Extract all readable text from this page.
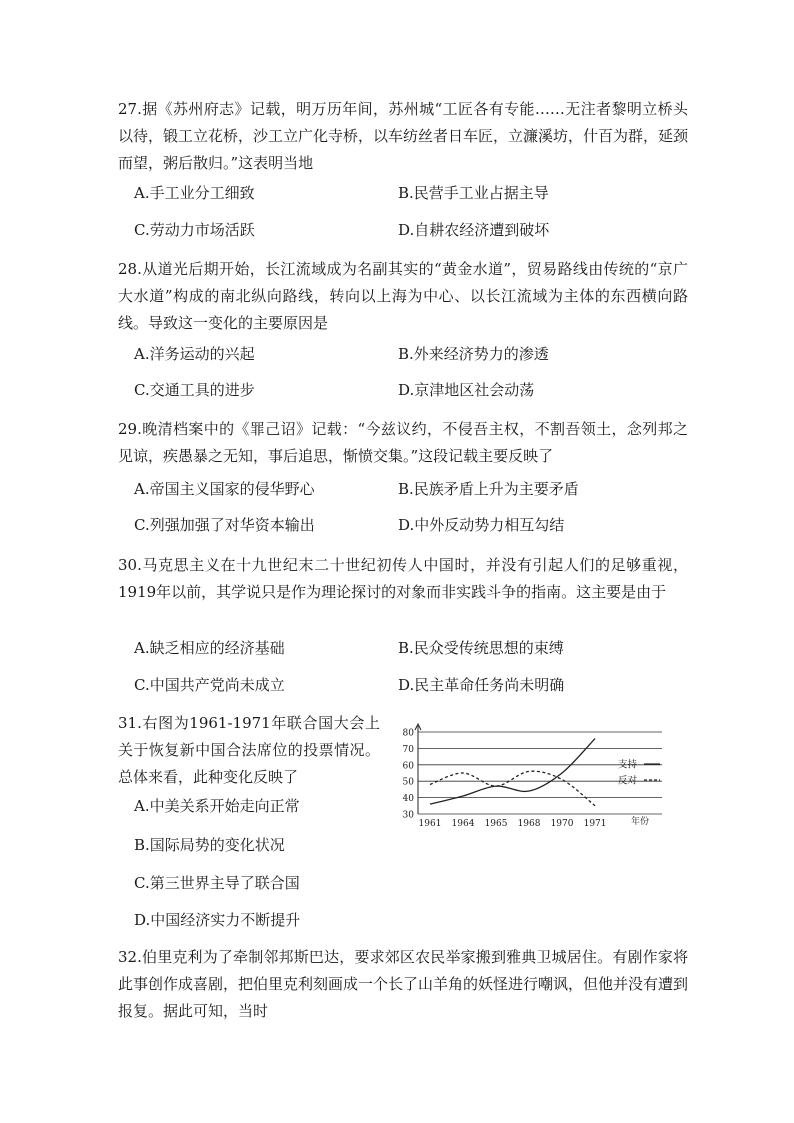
27.据《苏州府志》记载，明万历年间，苏州城“工匠各有专能……无注者黎明立桥头以待，锻工立花桥，沙工立广化寺桥，以车纺丝者日车匠，立濂溪坊，什百为群，延颈而望，粥后散归。”这表明当地

A.手工业分工细致	B.民营手工业占据主导
C.劳动力市场活跃	D.自耕农经济遭到破坏

28.从道光后期开始，长江流域成为名副其实的“黄金水道”，贸易路线由传统的“京广大水道”构成的南北纵向路线，转向以上海为中心、以长江流域为主体的东西横向路线。导致这一变化的主要原因是

A.洋务运动的兴起	B.外来经济势力的渗透
C.交通工具的进步	D.京津地区社会动荡

29.晚清档案中的《罪己诏》记载：“今兹议约，不侵吾主权，不割吾领土，念列邦之见谅，疾愚暴之无知，事后追思，惭愤交集。”这段记载主要反映了

A.帝国主义国家的侵华野心	B.民族矛盾上升为主要矛盾
C.列强加强了对华资本输出	D.中外反动势力相互勾结

30.马克思主义在十九世纪末二十世纪初传人中国时，并没有引起人们的足够重视，1919年以前，其学说只是作为理论探讨的对象而非实践斗争的指南。这主要是由于

A.缺乏相应的经济基础	B.民众受传统思想的束缚
C.中国共产党尚未成立	D.民主革命任务尚未明确

31.右图为1961-1971年联合国大会上关于恢复新中国合法席位的投票情况。总体来看，此种变化反映了

A.中美关系开始走向正常
B.国际局势的变化状况
C.第三世界主导了联合国
D.中国经济实力不断提升
30
40
50
60
70
80
1961 1964 1965 1968 1970 1971	年份
支持
反对

32.伯里克利为了牵制邻邦斯巴达，要求郊区农民举家搬到雅典卫城居住。有剧作家将此事创作成喜剧，把伯里克利刻画成一个长了山羊角的妖怪进行嘲讽，但他并没有遭到报复。据此可知，当时
